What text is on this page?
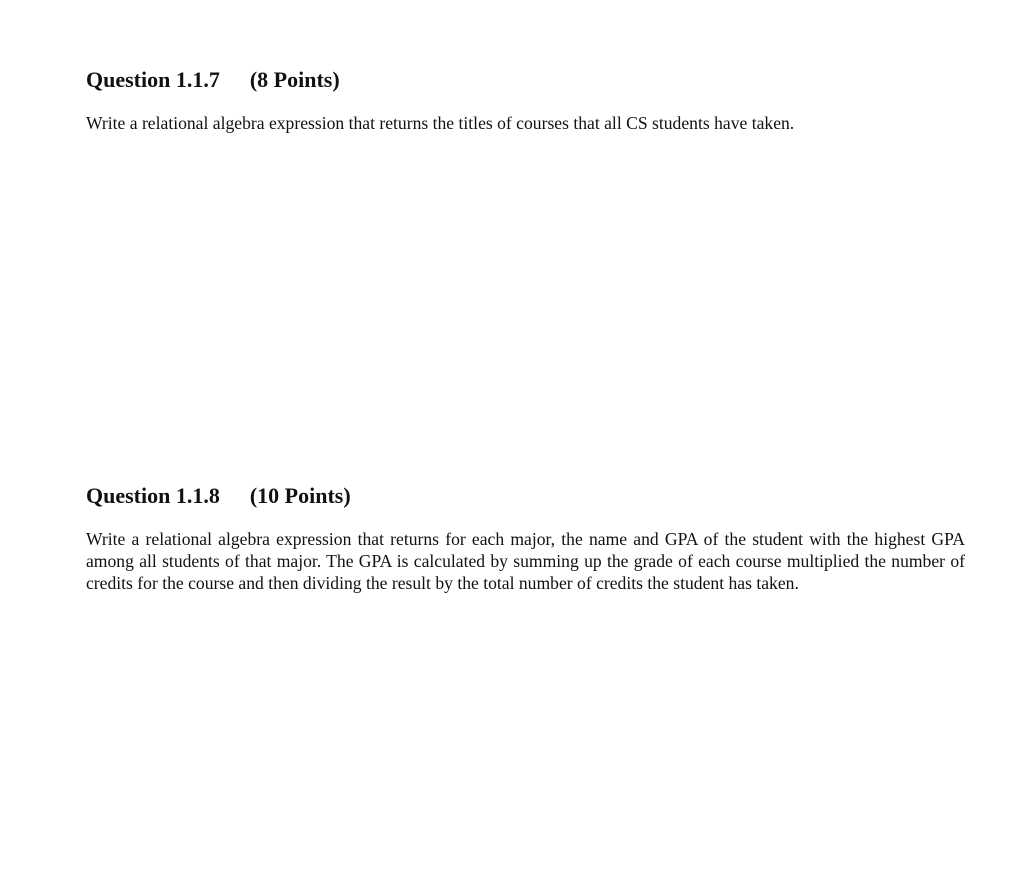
Question 1.1.7 (8 Points)

Write a relational algebra expression that returns the titles of courses that all CS students have taken.

Question 1.1.8 (10 Points)

Write a relational algebra expression that returns for each major, the name and GPA of the student with the highest GPA among all students of that major. The GPA is calculated by summing up the grade of each course multiplied the number of credits for the course and then dividing the result by the total number of credits the student has taken.
